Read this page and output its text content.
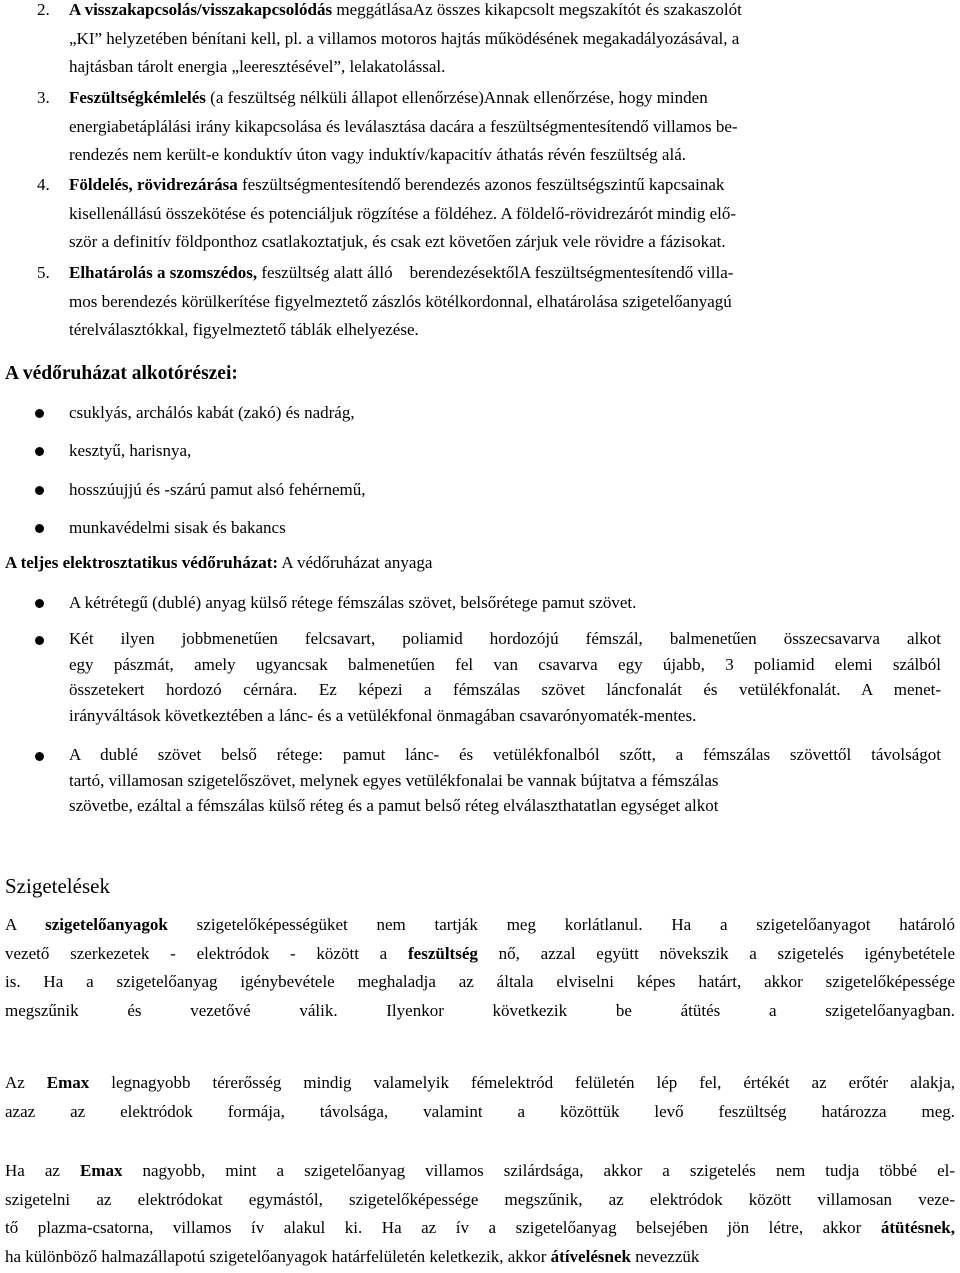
2. A visszakapcsolás/visszakapcsolódás meggátlásaAz összes kikapcsolt megszakítót és szakaszolót
„KI” helyzetében bénítani kell, pl. a villamos motoros hajtás működésének megakadályozásával, a
hajtásban tárolt energia „leeresztésével”, lelakatolással.
3. Feszültségkémlelés (a feszültség nélküli állapot ellenőrzése)Annak ellenőrzése, hogy minden
energiabetáplálási irány kikapcsolása és leválasztása dacára a feszültségmentesítendő villamos be-
rendezés nem került-e konduktív úton vagy induktív/kapacitív áthatás révén feszültség alá.
4. Földelés, rövidrezárása feszültségmentesítendő berendezés azonos feszültségszintű kapcsainak
kisellenállású összekötése és potenciáljuk rögzítése a földéhez. A földelő-rövidrezárót mindig elő-
ször a definitív földponthoz csatlakoztatjuk, és csak ezt követően zárjuk vele rövidre a fázisokat.
5. Elhatárolás a szomszédos, feszültség alatt álló    berendezésektőlA feszültségmentesítendő villa-
mos berendezés körülkerítése figyelmeztető zászlós kötélkordonnal, elhatárolása szigetelőanyagú
térelválasztókkal, figyelmeztető táblák elhelyezése.
A védőruházat alkotórészei:
csuklyás, archálós kabát (zakó) és nadrág,
kesztyű, harisnya,
hosszúujjú és -szárú pamut alsó fehérnemű,
munkavédelmi sisak és bakancs
A teljes elektrosztatikus védőruházat: A védőruházat anyaga
A kétrétegű (dublé) anyag külső rétege fémszálas szövet, belsőrétege pamut szövet.
Két ilyen jobbmenetűen felcsavart, poliamid hordozójú fémszál, balmenetűen összecsavarva alkot
egy pászmát, amely ugyancsak balmenetűen fel van csavarva egy újabb, 3 poliamid elemi szálból
összetekert hordozó cérnára. Ez képezi a fémszálas szövet láncfonalát és vetülékfonalát. A menet-
irányváltások következtében a lánc- és a vetülékfonal önmagában csavarónyomaték-mentes.
A dublé szövet belső rétege: pamut lánc- és vetülékfonalból szőtt, a fémszálas szövettől távolságot
tartó, villamosan szigetelőszövet, melynek egyes vetülékfonalai be vannak bújtatva a fémszálas
szövetbe, ezáltal a fémszálas külső réteg és a pamut belső réteg elválaszthatatlan egységet alkot
Szigetelések
A szigetelőanyagok szigetelőképességüket nem tartják meg korlátlanul. Ha a szigetelőanyagot határoló
vezető szerkezetek - elektródok - között a feszültség nő, azzal együtt növekszik a szigetelés igénybetétele
is. Ha a szigetelőanyag igénybevétele meghaladja az általa elviselni képes határt, akkor szigetelőképessége
megszűnik és vezetővé válik. Ilyenkor következik be átütés a szigetelőanyagban.
Az Emax legnagyobb térerősség mindig valamelyik fémelektród felületén lép fel, értékét az erőtér alakja,
azaz az elektródok formája, távolsága, valamint a közöttük levő feszültség határozza meg.
Ha az Emax nagyobb, mint a szigetelőanyag villamos szilárdsága, akkor a szigetelés nem tudja többé el-
szigetelni az elektródokat egymástól, szigetelőképessége megszűnik, az elektródok között villamosan veze-
tő plazma-csatorna, villamos ív alakul ki. Ha az ív a szigetelőanyag belsejében jön létre, akkor átütésnek,
ha különböző halmazállapotú szigetelőanyagok határfelületén keletkezik, akkor átívelésnek nevezzük
